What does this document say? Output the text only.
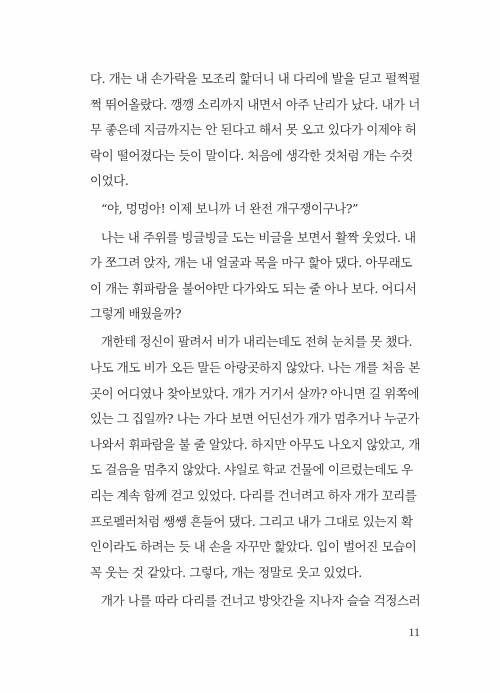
다. 개는 내 손가락을 모조리 핥더니 내 다리에 발을 딛고 펄쩍펄
쩍 뛰어올랐다. 깽깽 소리까지 내면서 아주 난리가 났다. 내가 너
무 좋은데 지금까지는 안 된다고 해서 못 오고 있다가 이제야 허
락이 떨어졌다는 듯이 말이다. 처음에 생각한 것처럼 개는 수컷
이었다.

“야, 멍멍아! 이제 보니까 너 완전 개구쟁이구나?”

나는 내 주위를 빙글빙글 도는 비글을 보면서 활짝 웃었다. 내
가 쪼그려 앉자, 개는 내 얼굴과 목을 마구 핥아 댔다. 아무래도
이 개는 휘파람을 불어야만 다가와도 되는 줄 아나 보다. 어디서
그렇게 배웠을까?

개한테 정신이 팔려서 비가 내리는데도 전혀 눈치를 못 챘다.
나도 개도 비가 오든 말든 아랑곳하지 않았다. 나는 개를 처음 본
곳이 어디였나 찾아보았다. 개가 거기서 살까? 아니면 길 위쪽에
있는 그 집일까? 나는 가다 보면 어딘선가 개가 멈추거나 누군가
나와서 휘파람을 불 줄 알았다. 하지만 아무도 나오지 않았고, 개
도 걸음을 멈추지 않았다. 샤일로 학교 건물에 이르렀는데도 우
리는 계속 함께 걷고 있었다. 다리를 건너려고 하자 개가 꼬리를
프로펠러처럼 쌩쌩 흔들어 댔다. 그리고 내가 그대로 있는지 확
인이라도 하려는 듯 내 손을 자꾸만 핥았다. 입이 벌어진 모습이
꼭 웃는 것 같았다. 그렇다, 개는 정말로 웃고 있었다.

개가 나를 따라 다리를 건너고 방앗간을 지나자 슬슬 걱정스러

11
